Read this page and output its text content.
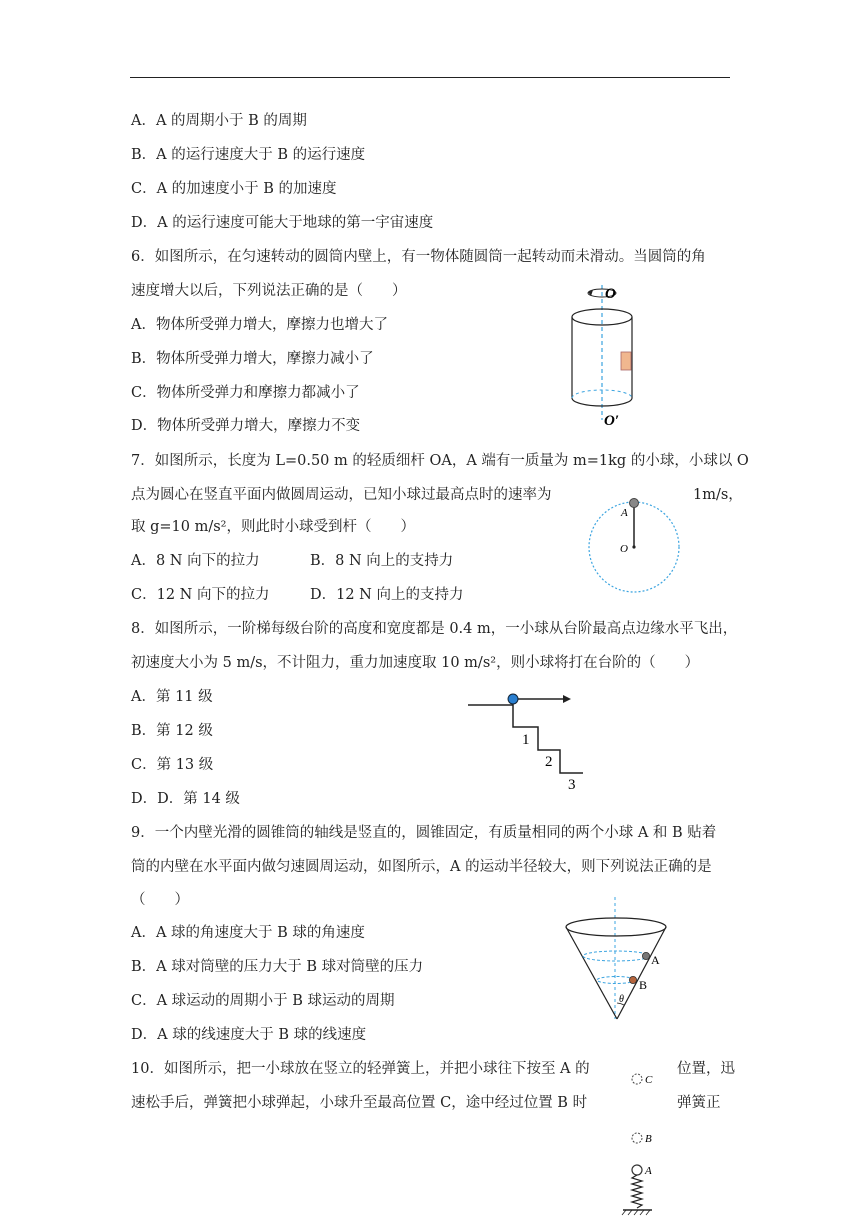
A．A 的周期小于 B 的周期
B．A 的运行速度大于 B 的运行速度
C．A 的加速度小于 B 的加速度
D．A 的运行速度可能大于地球的第一宇宙速度
6．如图所示，在匀速转动的圆筒内壁上，有一物体随圆筒一起转动而未滑动。当圆筒的角
速度增大以后，下列说法正确的是（　　）
A．物体所受弹力增大，摩擦力也增大了
B．物体所受弹力增大，摩擦力减小了
C．物体所受弹力和摩擦力都减小了
D．物体所受弹力增大，摩擦力不变
O
O′
7．如图所示，长度为 L=0.50 m 的轻质细杆 OA，A 端有一质量为 m=1kg 的小球，小球以 O
点为圆心在竖直平面内做圆周运动，已知小球过最高点时的速率为	1m/s，
取 g=10 m/s²，则此时小球受到杆（　　）
A．8 N 向下的拉力	B．8 N 向上的支持力
C．12 N 向下的拉力	D．12 N 向上的支持力
A
O
8．如图所示，一阶梯每级台阶的高度和宽度都是 0.4 m，一小球从台阶最高点边缘水平飞出，
初速度大小为 5 m/s，不计阻力，重力加速度取 10 m/s²，则小球将打在台阶的（　　）
A．第 11 级
B．第 12 级
C．第 13 级
D．D．第 14 级
1
2
3
9．一个内壁光滑的圆锥筒的轴线是竖直的，圆锥固定，有质量相同的两个小球 A 和 B 贴着
筒的内壁在水平面内做匀速圆周运动，如图所示，A 的运动半径较大，则下列说法正确的是
（　　）
A．A 球的角速度大于 B 球的角速度
B．A 球对筒壁的压力大于 B 球对筒壁的压力
C．A 球运动的周期小于 B 球运动的周期
D．A 球的线速度大于 B 球的线速度
A
B
θ
10．如图所示，把一小球放在竖立的轻弹簧上，并把小球往下按至 A 的	位置，迅
速松手后，弹簧把小球弹起，小球升至最高位置 C，途中经过位置 B 时	弹簧正
C
B
A
